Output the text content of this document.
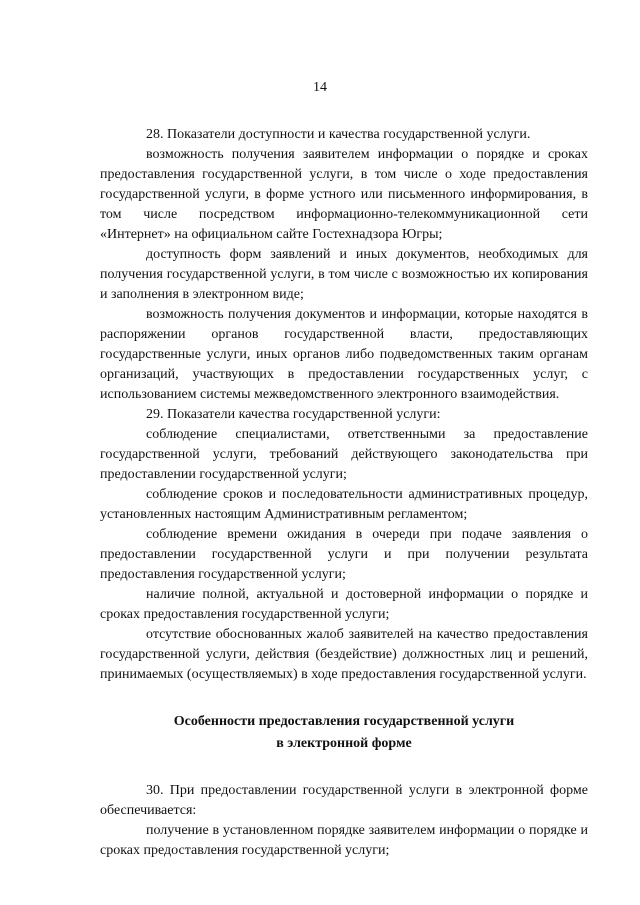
14

28. Показатели доступности и качества государственной услуги.

возможность получения заявителем информации о порядке и сроках предоставления государственной услуги, в том числе о ходе предоставления государственной услуги, в форме устного или письменного информирования, в том числе посредством информационно-телекоммуникационной сети «Интернет» на официальном сайте Гостехнадзора Югры;

доступность форм заявлений и иных документов, необходимых для получения государственной услуги, в том числе с возможностью их копирования и заполнения в электронном виде;

возможность получения документов и информации, которые находятся в распоряжении органов государственной власти, предоставляющих государственные услуги, иных органов либо подведомственных таким органам организаций, участвующих в предоставлении государственных услуг, с использованием системы межведомственного электронного взаимодействия.

29. Показатели качества государственной услуги:

соблюдение специалистами, ответственными за предоставление государственной услуги, требований действующего законодательства при предоставлении государственной услуги;

соблюдение сроков и последовательности административных процедур, установленных настоящим Административным регламентом;

соблюдение времени ожидания в очереди при подаче заявления о предоставлении государственной услуги и при получении результата предоставления государственной услуги;

наличие полной, актуальной и достоверной информации о порядке и сроках предоставления государственной услуги;

отсутствие обоснованных жалоб заявителей на качество предоставления государственной услуги, действия (бездействие) должностных лиц и решений, принимаемых (осуществляемых) в ходе предоставления государственной услуги.

Особенности предоставления государственной услуги
в электронной форме

30. При предоставлении государственной услуги в электронной форме обеспечивается:

получение в установленном порядке заявителем информации о порядке и сроках предоставления государственной услуги;
